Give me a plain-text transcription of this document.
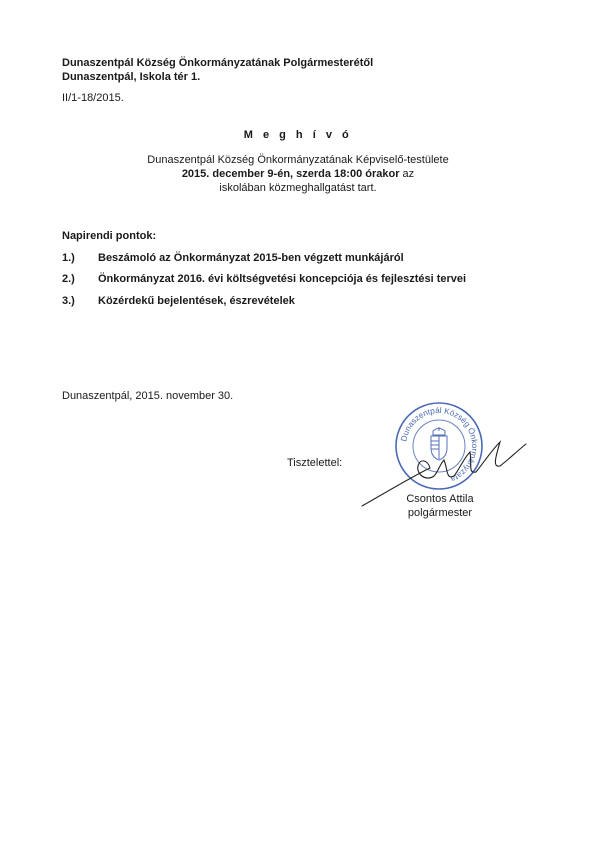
Dunaszentpál Község Önkormányzatának Polgármesterétől
Dunaszentpál, Iskola tér 1.
II/1-18/2015.
M e g h í v ó
Dunaszentpál Község Önkormányzatának Képviselő-testülete
2015. december 9-én, szerda 18:00 órakor az
iskolában közmeghallgatást tart.
Napirendi pontok:
1.) Beszámoló az Önkormányzat 2015-ben végzett munkájáról
2.) Önkormányzat 2016. évi költségvetési koncepciója és fejlesztési tervei
3.) Közérdekű bejelentések, észrevételek
Dunaszentpál, 2015. november 30.
Tisztelettel:
Dunaszentpál Község Önkormányzata
Csontos Attila
polgármester
